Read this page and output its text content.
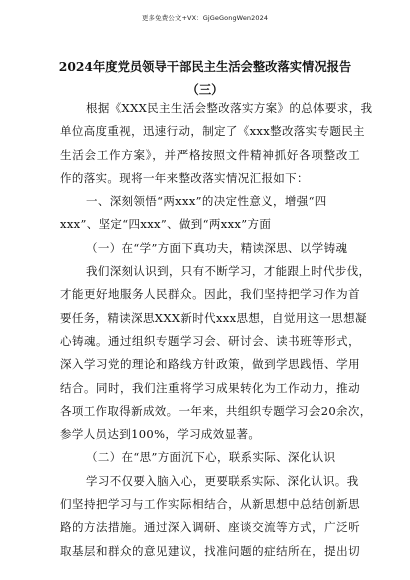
更多免费公文+VX：GjGeGongWen2024
2024年度党员领导干部民主生活会整改落实情况报告
（三）
根据《XXX民主生活会整改落实方案》的总体要求，我
单位高度重视，迅速行动，制定了《xxx整改落实专题民主
生活会工作方案》，并严格按照文件精神抓好各项整改工
作的落实。现将一年来整改落实情况汇报如下：
一、深刻领悟“两xxx”的决定性意义，增强“四
xxx”、坚定“四xxx”、做到“两xxx”方面
（一）在“学”方面下真功夫，精读深思、以学铸魂
我们深刻认识到，只有不断学习，才能跟上时代步伐，
才能更好地服务人民群众。因此，我们坚持把学习作为首
要任务，精读深思XXX新时代xxx思想，自觉用这一思想凝
心铸魂。通过组织专题学习会、研讨会、读书班等形式，
深入学习党的理论和路线方针政策，做到学思践悟、学用
结合。同时，我们注重将学习成果转化为工作动力，推动
各项工作取得新成效。一年来，共组织专题学习会20余次，
参学人员达到100%，学习成效显著。
（二）在“思”方面沉下心，联系实际、深化认识
学习不仅要入脑入心，更要联系实际、深化认识。我
们坚持把学习与工作实际相结合，从新思想中总结创新思
路的方法措施。通过深入调研、座谈交流等方式，广泛听
取基层和群众的意见建议，找准问题的症结所在，提出切
